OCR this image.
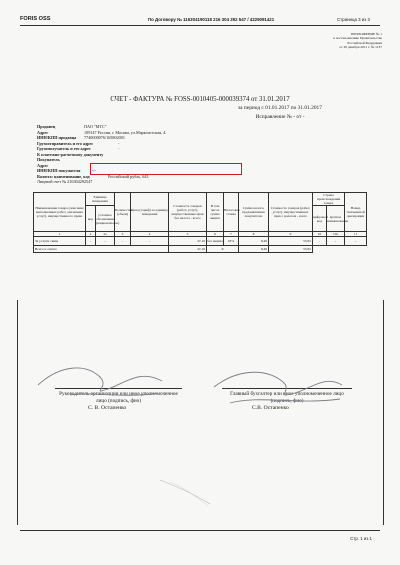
FORIS OSS	По Договору № 116304190118 216 304 292 547 / 4229091421	Страница 3 из 3
ПРИЛОЖЕНИЕ № 1
к постановлению Правительства
Российской Федерации
от 26 декабря 2011 г. № 1137
СЧЕТ - ФАКТУРА № FOSS-0010405-000039374 от 31.01.2017
за период с 01.01.2017 по 31.01.2017
Исправление № - от -
Продавец	ПАО "МТС"
Адрес	109147 Россия, г. Москва, ул.Марксистская, 4.
ИНН/КПП продавца 7740000076/165802001
Грузоотправитель и его адрес	-
Грузополучатель и его адрес	-
К платежно-расчетному документу
Покупатель
Адрес
ИНН/КПП покупателя	-/-
Валюта: наименование, код	Российский рубль, 643
Лицевой счет № 216304292547
Наименование товара (описание выполненных работ, оказанных услуг), имущественного права	Единица измерения		Количество (объем)	Цена (тариф) за единицу измерения	Стоимость товаров (работ, услуг), имущественных прав без налога - всего	В том числе сумма акциза	Налоговая ставка	Сумма налога, предъявляемая покупателю	Стоимость товаров (работ, услуг), имущественных прав с налогом - всего	Страна происхождения товара		Номер таможенной декларации
	код	условное обозначение (национальное)								цифровой код	краткое наименование	
1	2	2а	3	4	5	6	7	8	9	10	10а	11
За услуги связи	-	-	-	-	47,16	без акциза	18%	8,49	55,65	-	-	-
Всего к оплате					47,16	X		8,49	55,65			
Руководитель организации или иное уполномоченное лицо (подпись, фио)
С. В. Остапенко
Главный бухгалтер или иное уполномоченное лицо (подпись, фио)
С.В. Остапенко
Стр. 1 из 1
